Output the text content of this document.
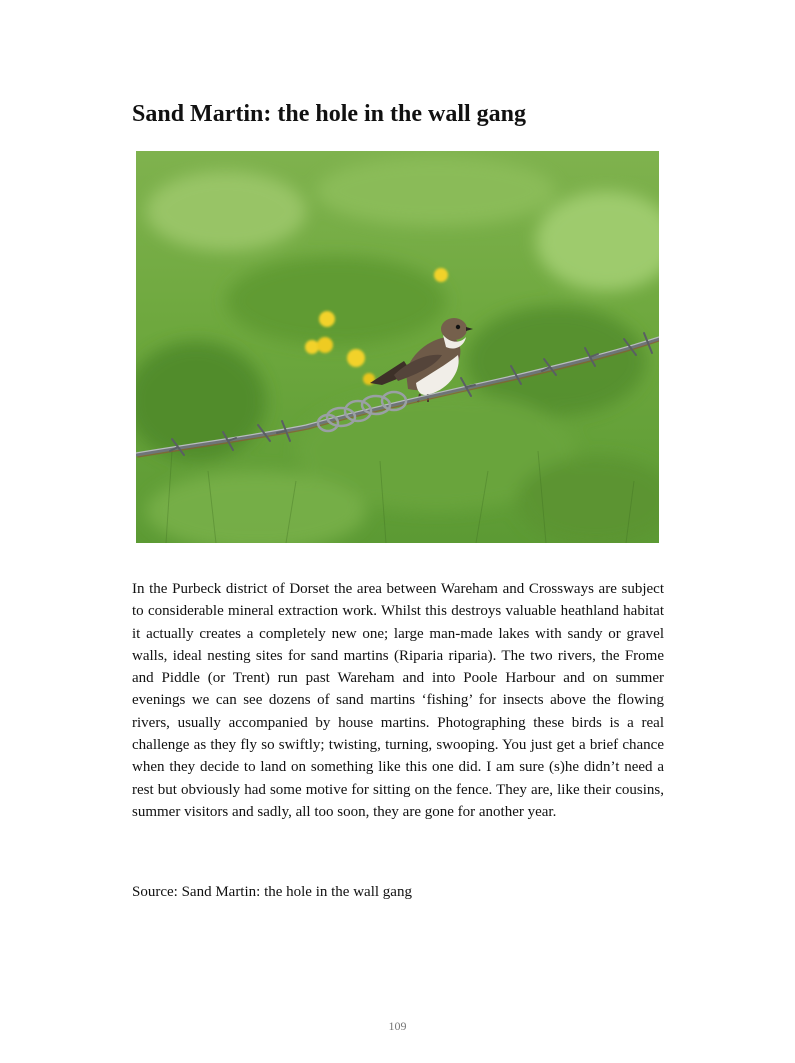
Sand Martin: the hole in the wall gang

In the Purbeck district of Dorset the area between Wareham and Crossways are subject to considerable mineral extraction work. Whilst this destroys valuable heathland habitat it actually creates a completely new one; large man-made lakes with sandy or gravel walls, ideal nesting sites for sand martins (Riparia riparia). The two rivers, the Frome and Piddle (or Trent) run past Wareham and into Poole Harbour and on summer evenings we can see dozens of sand martins ‘fishing’ for insects above the flowing rivers, usually accompanied by house martins. Photographing these birds is a real challenge as they fly so swiftly; twisting, turning, swooping. You just get a brief chance when they decide to land on something like this one did. I am sure (s)he didn’t need a rest but obviously had some motive for sitting on the fence. They are, like their cousins, summer visitors and sadly, all too soon, they are gone for another year.

Source: Sand Martin: the hole in the wall gang

109
